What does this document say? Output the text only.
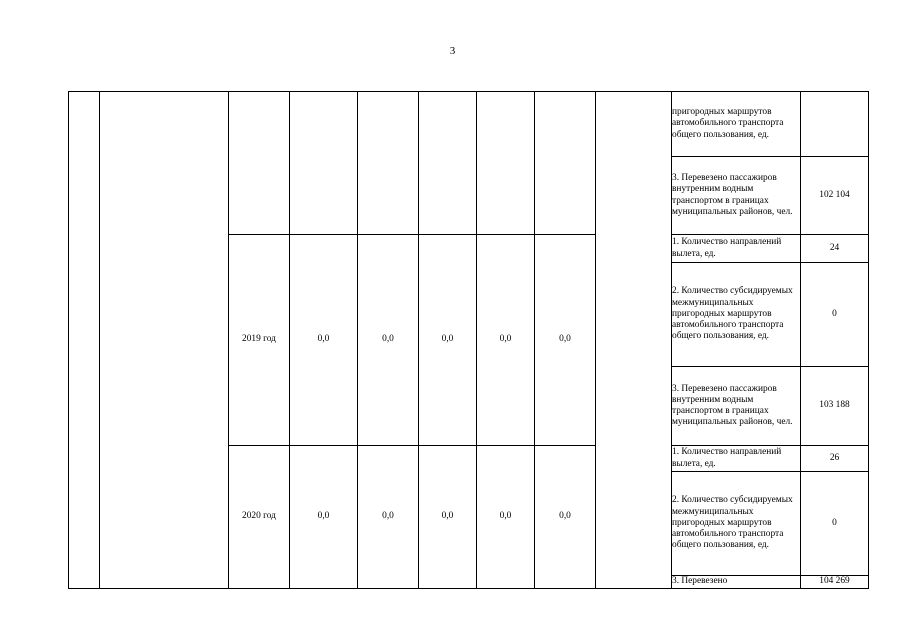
3
									пригородных маршрутов автомобильного транспорта общего пользования, ед.	
									3. Перевезено пассажиров внутренним водным транспортом в границах муниципальных районов, чел.	102 104
		2019 год	0,0	0,0	0,0	0,0	0,0		1. Количество направлений вылета, ед.	24
									2. Количество субсидируемых межмуниципальных пригородных маршрутов автомобильного транспорта общего пользования, ед.	0
									3. Перевезено пассажиров внутренним водным транспортом в границах муниципальных районов, чел.	103 188
		2020 год	0,0	0,0	0,0	0,0	0,0		1. Количество направлений вылета, ед.	26
									2. Количество субсидируемых межмуниципальных пригородных маршрутов автомобильного транспорта общего пользования, ед.	0
									3. Перевезено	104 269
